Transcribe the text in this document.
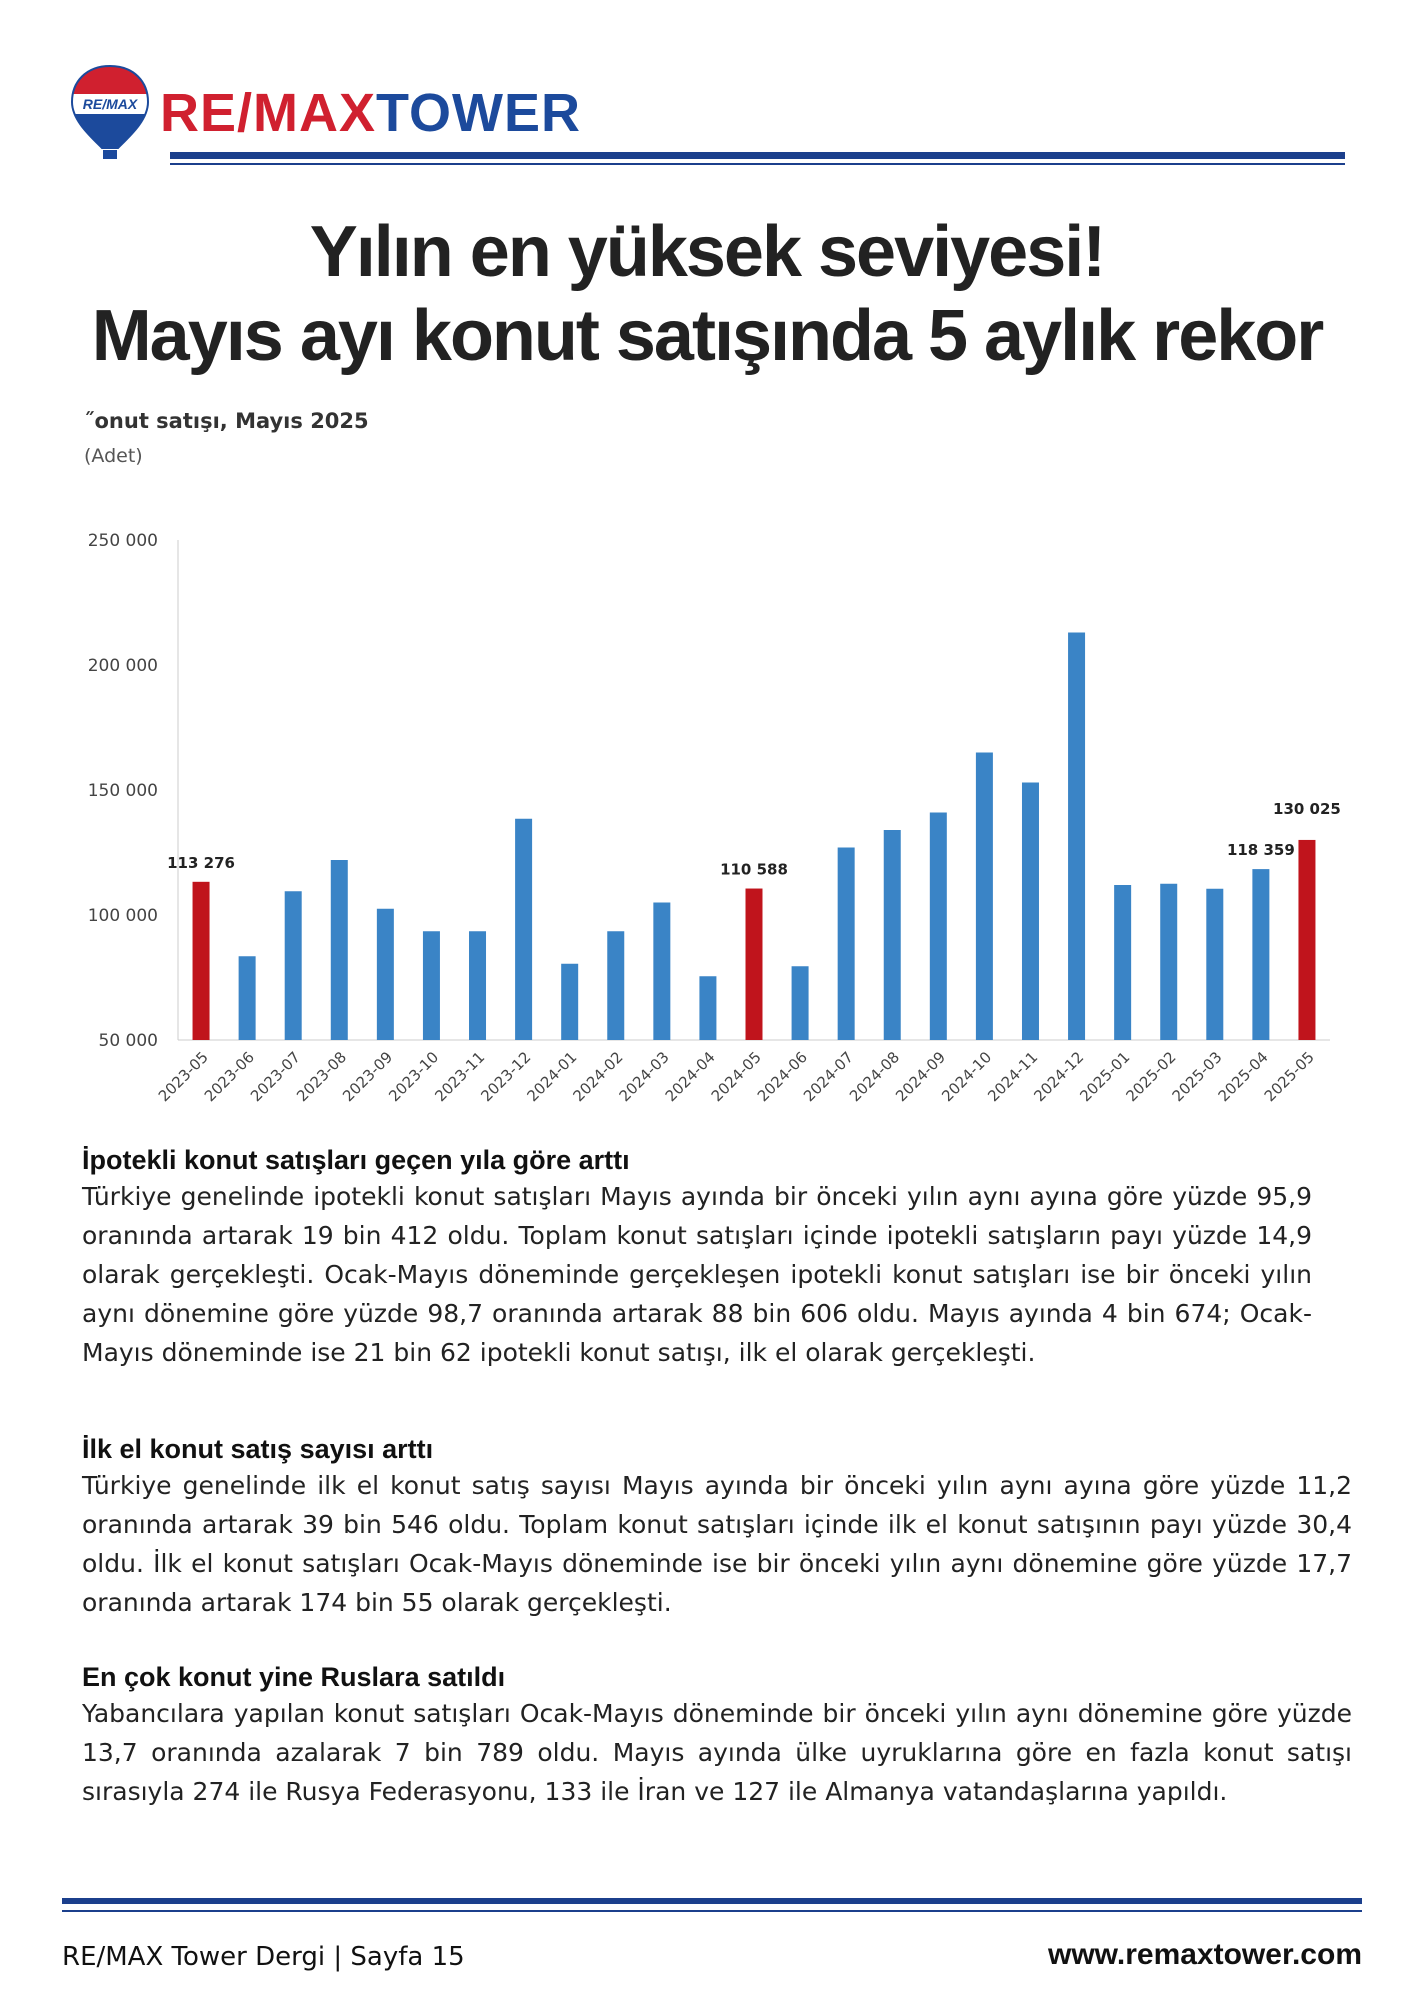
RE/MAX RE/MAXTOWER
Yılın en yüksek seviyesi!
Mayıs ayı konut satışında 5 aylık rekor
˝onut satışı, Mayıs 2025
(Adet)
250 000
200 000
150 000
100 000
50 000
2023-05
2023-06
2023-07
2023-08
2023-09
2023-10
2023-11
2023-12
2024-01
2024-02
2024-03
2024-04
2024-05
2024-06
2024-07
2024-08
2024-09
2024-10
2024-11
2024-12
2025-01
2025-02
2025-03
2025-04
2025-05
113 276	110 588
118 359
130 025
İpotekli konut satışları geçen yıla göre arttı
Türkiye genelinde ipotekli konut satışları Mayıs ayında bir önceki yılın aynı ayına göre yüzde 95,9 oranında artarak 19 bin 412 oldu. Toplam konut satışları içinde ipotekli satışların payı yüzde 14,9 olarak gerçekleşti. Ocak-Mayıs döneminde gerçekleşen ipotekli konut satışları ise bir önceki yılın aynı dönemine göre yüzde 98,7 oranında artarak 88 bin 606 oldu. Mayıs ayında 4 bin 674; Ocak-Mayıs döneminde ise 21 bin 62 ipotekli konut satışı, ilk el olarak gerçekleşti.
İlk el konut satış sayısı arttı
Türkiye genelinde ilk el konut satış sayısı Mayıs ayında bir önceki yılın aynı ayına göre yüzde 11,2 oranında artarak 39 bin 546 oldu. Toplam konut satışları içinde ilk el konut satışının payı yüzde 30,4 oldu. İlk el konut satışları Ocak-Mayıs döneminde ise bir önceki yılın aynı dönemine göre yüzde 17,7 oranında artarak 174 bin 55 olarak gerçekleşti.
En çok konut yine Ruslara satıldı
Yabancılara yapılan konut satışları Ocak-Mayıs döneminde bir önceki yılın aynı dönemine göre yüzde 13,7 oranında azalarak 7 bin 789 oldu. Mayıs ayında ülke uyruklarına göre en fazla konut satışı sırasıyla 274 ile Rusya Federasyonu, 133 ile İran ve 127 ile Almanya vatandaşlarına yapıldı.
RE/MAX Tower Dergi | Sayfa 15	www.remaxtower.com
